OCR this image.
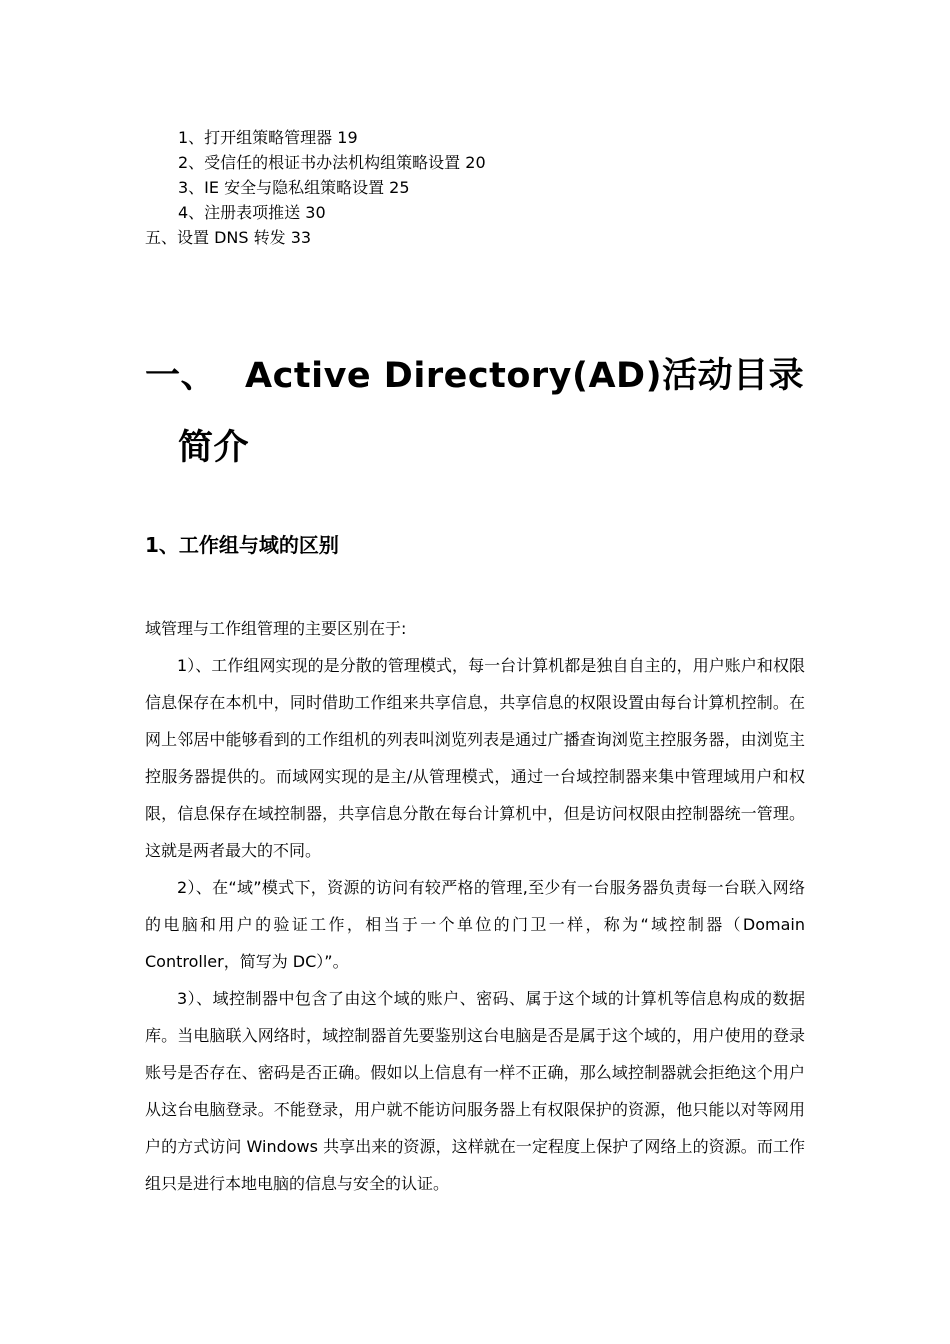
1、打开组策略管理器 19
2、受信任的根证书办法机构组策略设置 20
3、IE 安全与隐私组策略设置 25
4、注册表项推送 30
五、设置 DNS 转发 33
一、 Active Directory(AD)活动目录
简介
1、工作组与域的区别

域管理与工作组管理的主要区别在于:

1）、工作组网实现的是分散的管理模式，每一台计算机都是独自自主的，用户账户和权限信息保存在本机中，同时借助工作组来共享信息，共享信息的权限设置由每台计算机控制。在网上邻居中能够看到的工作组机的列表叫浏览列表是通过广播查询浏览主控服务器，由浏览主控服务器提供的。而域网实现的是主/从管理模式，通过一台域控制器来集中管理域用户和权限，信息保存在域控制器，共享信息分散在每台计算机中，但是访问权限由控制器统一管理。这就是两者最大的不同。

2）、在“域”模式下，资源的访问有较严格的管理,至少有一台服务器负责每一台联入网络的电脑和用户的验证工作，相当于一个单位的门卫一样，称为“域控制器（Domain Controller，简写为 DC）”。

3）、域控制器中包含了由这个域的账户、密码、属于这个域的计算机等信息构成的数据库。当电脑联入网络时，域控制器首先要鉴别这台电脑是否是属于这个域的，用户使用的登录账号是否存在、密码是否正确。假如以上信息有一样不正确，那么域控制器就会拒绝这个用户从这台电脑登录。不能登录，用户就不能访问服务器上有权限保护的资源，他只能以对等网用户的方式访问 Windows 共享出来的资源，这样就在一定程度上保护了网络上的资源。而工作组只是进行本地电脑的信息与安全的认证。
